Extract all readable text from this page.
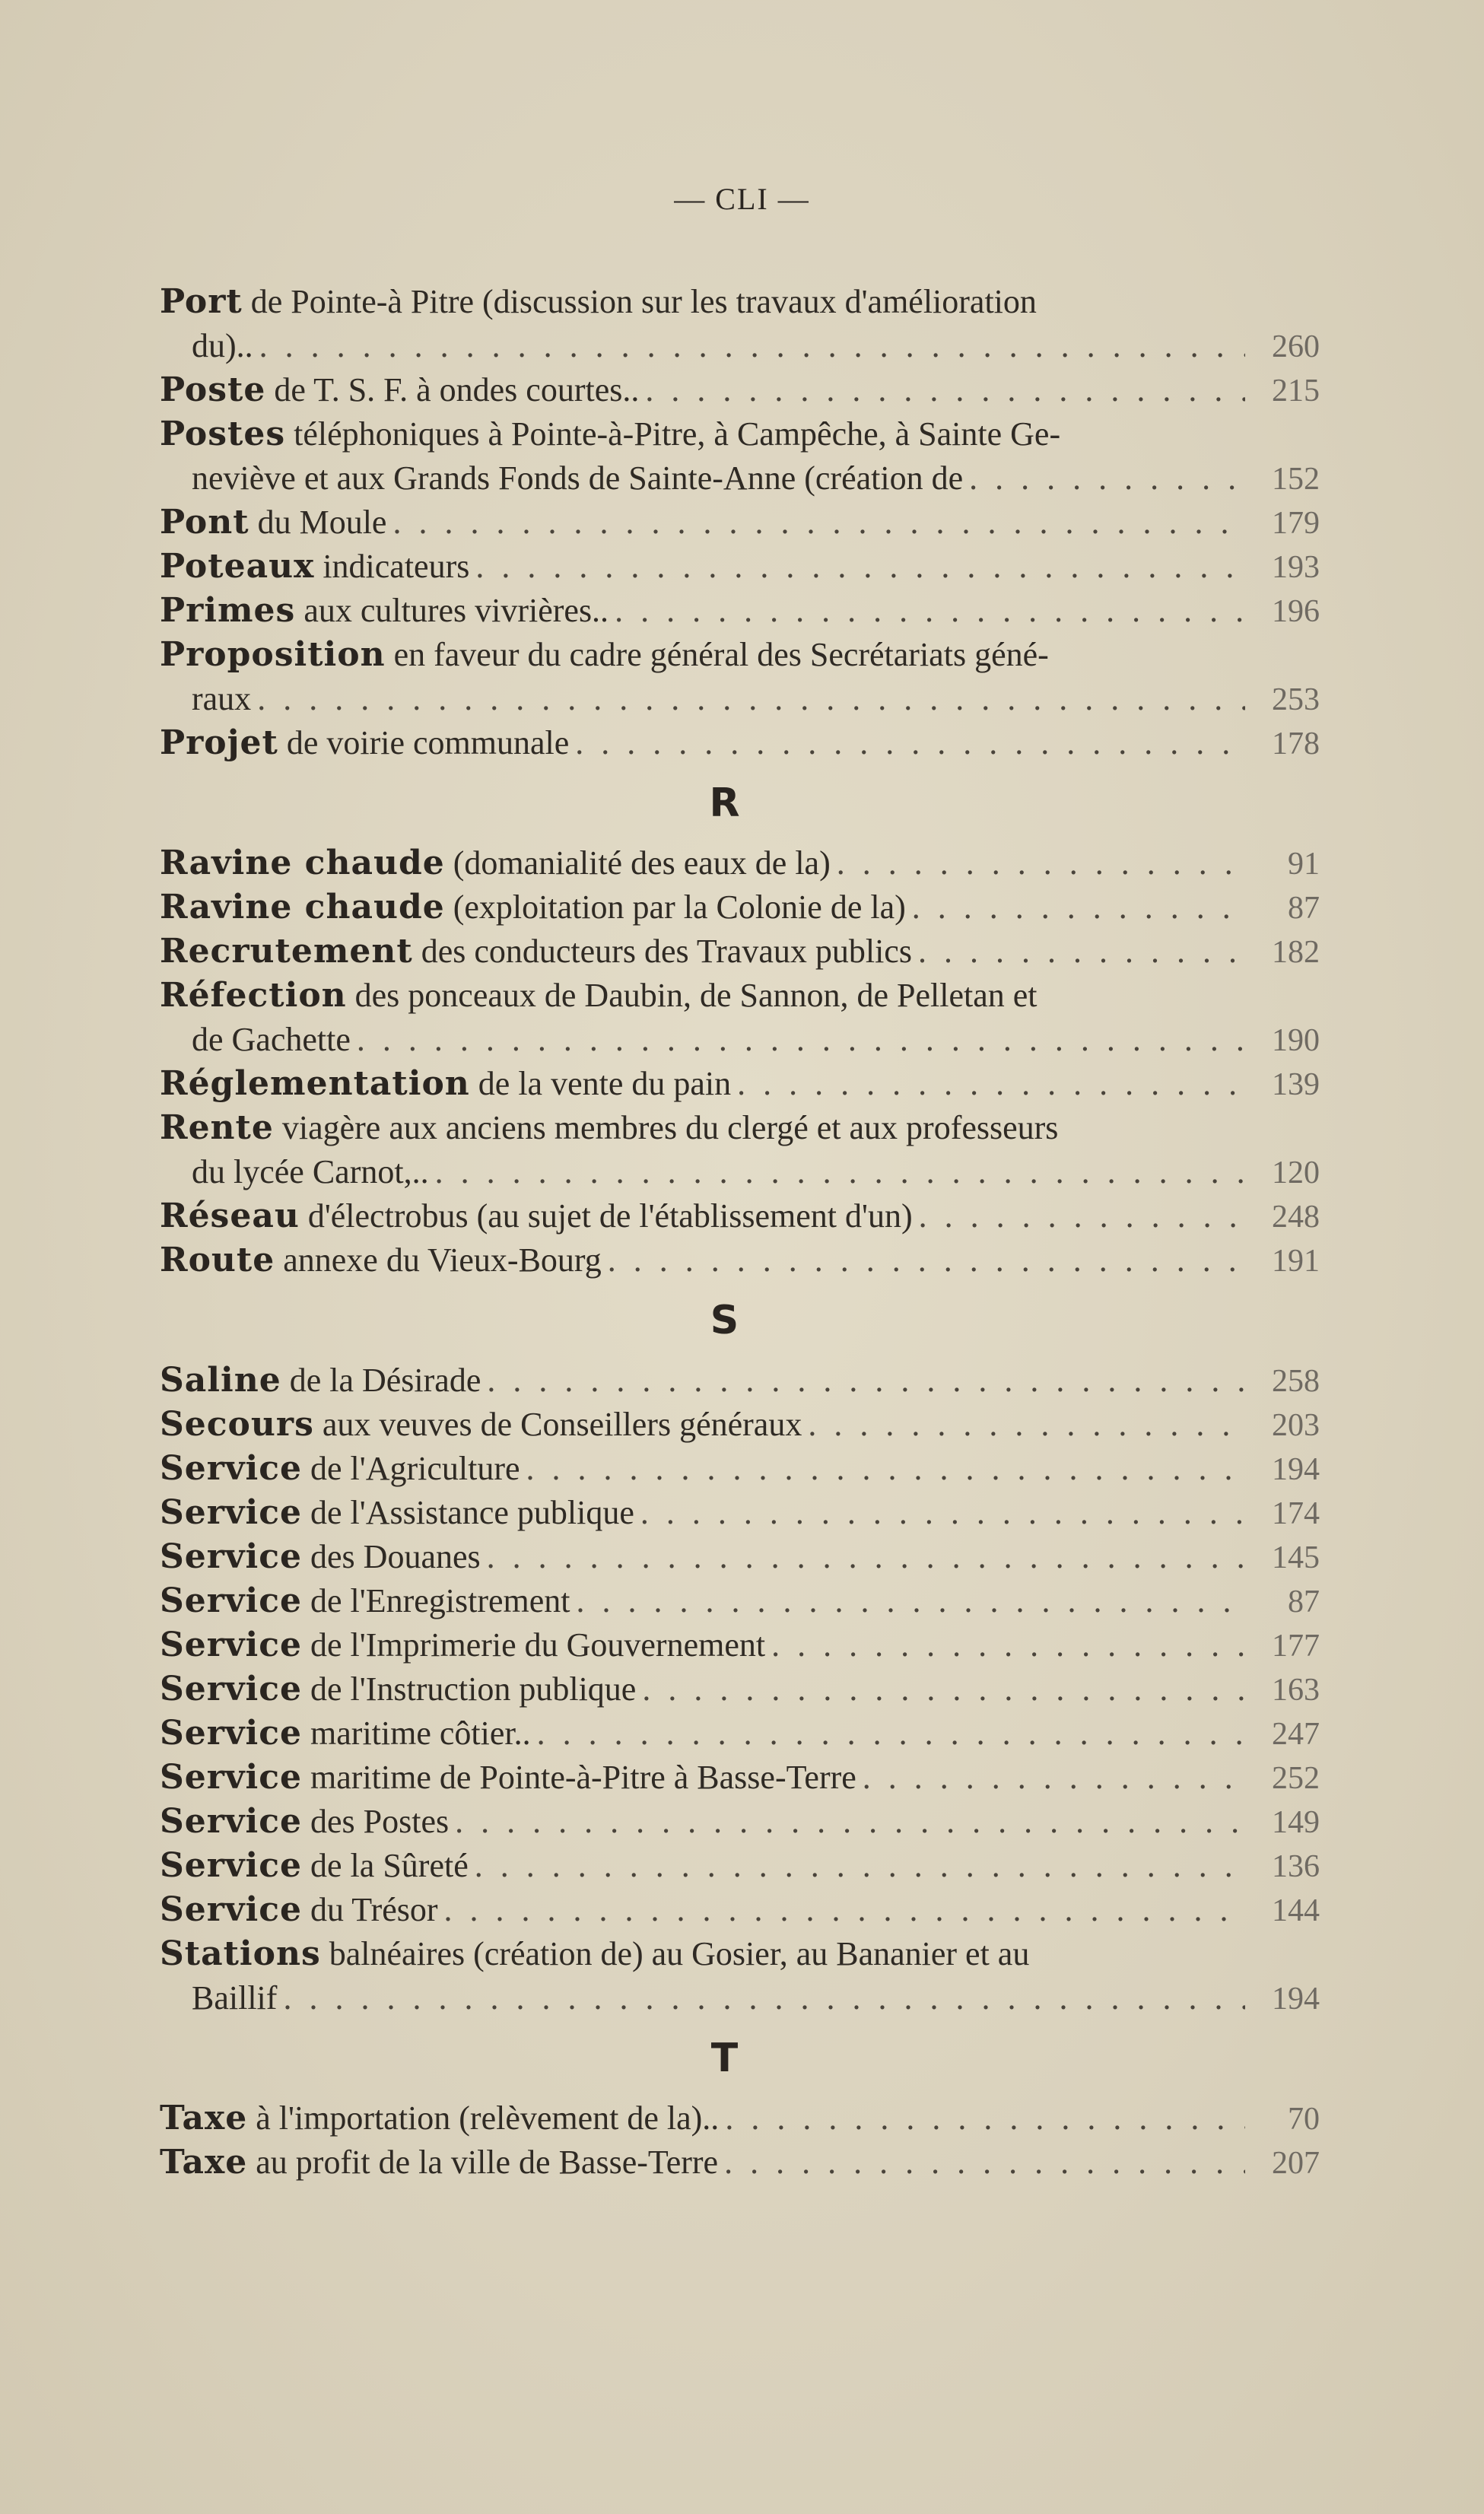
— CLI —
Port de Pointe-à Pitre (discussion sur les travaux d'amélioration
du).. . . .	260
Poste de T. S. F. à ondes courtes.. . . .	215
Postes téléphoniques à Pointe-à-Pitre, à Campêche, à Sainte Ge-
neviève et aux Grands Fonds de Sainte-Anne (création de . . .	152
Pont du Moule . . .	179
Poteaux indicateurs . . .	193
Primes aux cultures vivrières.. . . .	196
Proposition en faveur du cadre général des Secrétariats géné-
raux . . .	253
Projet de voirie communale . . .	178
R
Ravine chaude (domanialité des eaux de la) . . .	91
Ravine chaude (exploitation par la Colonie de la) . . .	87
Recrutement des conducteurs des Travaux publics . . .	182
Réfection des ponceaux de Daubin, de Sannon, de Pelletan et
de Gachette . . .	190
Réglementation de la vente du pain . . .	139
Rente viagère aux anciens membres du clergé et aux professeurs
du lycée Carnot,.. . . .	120
Réseau d'électrobus (au sujet de l'établissement d'un) . . .	248
Route annexe du Vieux-Bourg . . .	191
S
Saline de la Désirade . . .	258
Secours aux veuves de Conseillers généraux . . .	203
Service de l'Agriculture . . .	194
Service de l'Assistance publique . . .	174
Service des Douanes . . .	145
Service de l'Enregistrement . . .	87
Service de l'Imprimerie du Gouvernement . . .	177
Service de l'Instruction publique . . .	163
Service maritime côtier.. . . .	247
Service maritime de Pointe-à-Pitre à Basse-Terre . . .	252
Service des Postes . . .	149
Service de la Sûreté . . .	136
Service du Trésor . . .	144
Stations balnéaires (création de) au Gosier, au Bananier et au
Baillif . . .	194
T
Taxe à l'importation (relèvement de la).. . . .	70
Taxe au profit de la ville de Basse-Terre . . .	207
